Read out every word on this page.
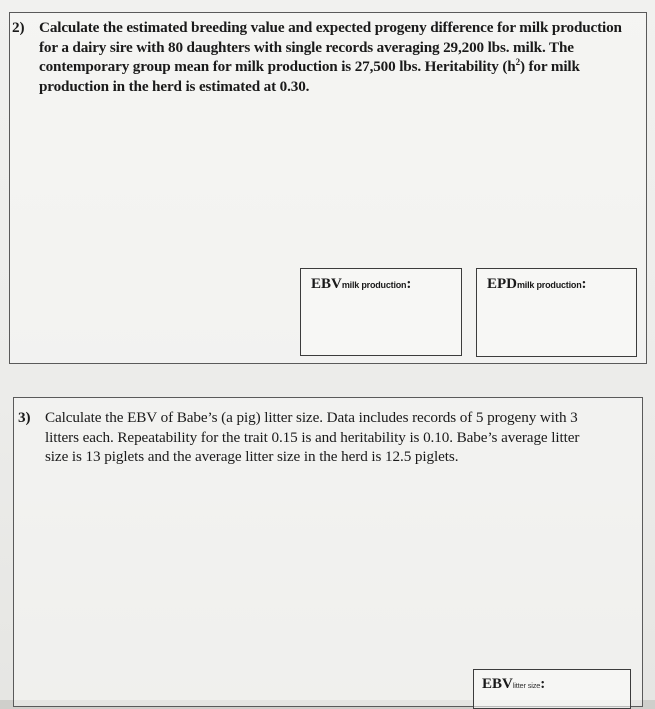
2) Calculate the estimated breeding value and expected progeny difference for milk production
for a dairy sire with 80 daughters with single records averaging 29,200 lbs. milk. The
contemporary group mean for milk production is 27,500 lbs. Heritability $(h^2)$ for milk
production in the herd is estimated at 0.30.

EBVmilk production:	EPDmilk production:

3) Calculate the EBV of Babe’s (a pig) litter size. Data includes records of 5 progeny with 3
litters each. Repeatability for the trait 0.15 is and heritability is 0.10. Babe’s average litter
size is 13 piglets and the average litter size in the herd is 12.5 piglets.

EBVlitter size:
